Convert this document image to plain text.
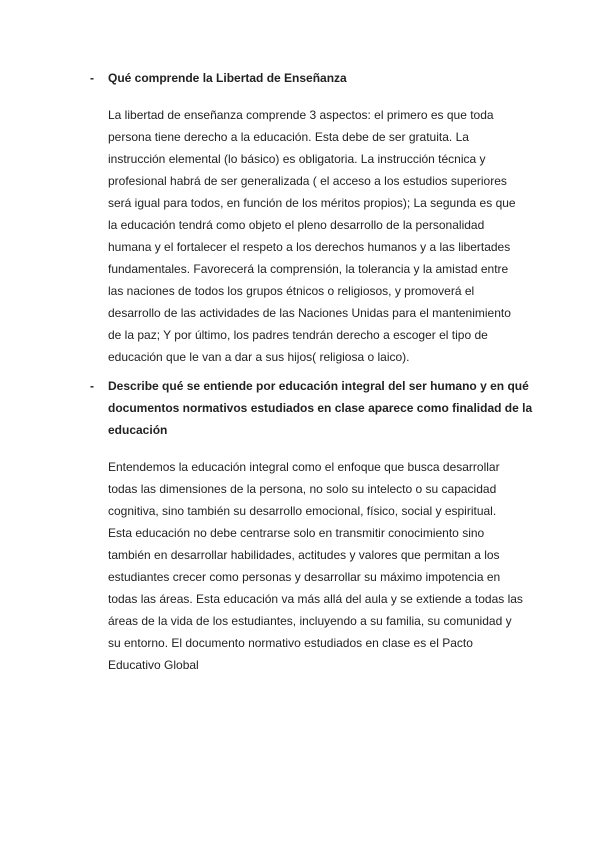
- Qué comprende la Libertad de Enseñanza
La libertad de enseñanza comprende 3 aspectos: el primero es que toda
persona tiene derecho a la educación. Esta debe de ser gratuita. La
instrucción elemental (lo básico) es obligatoria. La instrucción técnica y
profesional habrá de ser generalizada ( el acceso a los estudios superiores
será igual para todos, en función de los méritos propios); La segunda es que
la educación tendrá como objeto el pleno desarrollo de la personalidad
humana y el fortalecer el respeto a los derechos humanos y a las libertades
fundamentales. Favorecerá la comprensión, la tolerancia y la amistad entre
las naciones de todos los grupos étnicos o religiosos, y promoverá el
desarrollo de las actividades de las Naciones Unidas para el mantenimiento
de la paz; Y por último, los padres tendrán derecho a escoger el tipo de
educación que le van a dar a sus hijos( religiosa o laico).
- Describe qué se entiende por educación integral del ser humano y en qué
documentos normativos estudiados en clase aparece como finalidad de la
educación
Entendemos la educación integral como el enfoque que busca desarrollar
todas las dimensiones de la persona, no solo su intelecto o su capacidad
cognitiva, sino también su desarrollo emocional, físico, social y espiritual.
Esta educación no debe centrarse solo en transmitir conocimiento sino
también en desarrollar habilidades, actitudes y valores que permitan a los
estudiantes crecer como personas y desarrollar su máximo impotencia en
todas las áreas. Esta educación va más allá del aula y se extiende a todas las
áreas de la vida de los estudiantes, incluyendo a su familia, su comunidad y
su entorno. El documento normativo estudiados en clase es el Pacto
Educativo Global
